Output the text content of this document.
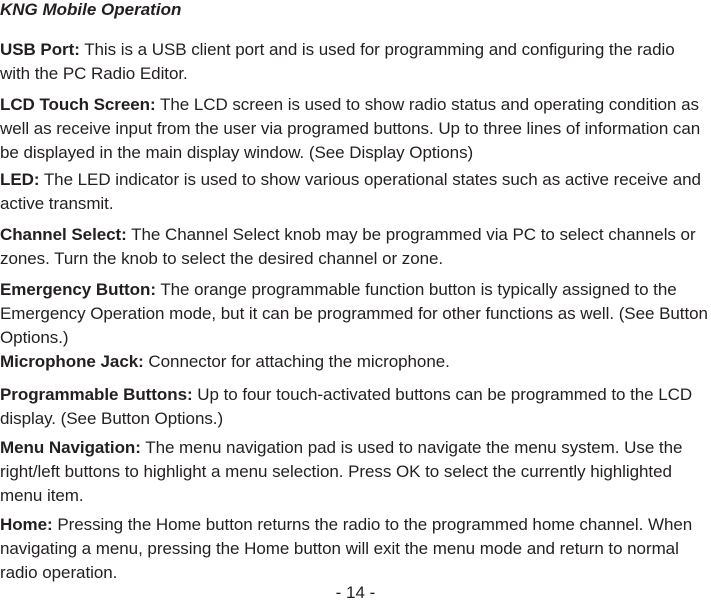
KNG Mobile Operation
USB Port: This is a USB client port and is used for programming and configuring the radio with the PC Radio Editor.
LCD Touch Screen: The LCD screen is used to show radio status and operating condition as well as receive input from the user via programed buttons. Up to three lines of information can be displayed in the main display window. (See Display Options)
LED: The LED indicator is used to show various operational states such as active receive and active transmit.
Channel Select: The Channel Select knob may be programmed via PC to select channels or zones. Turn the knob to select the desired channel or zone.
Emergency Button: The orange programmable function button is typically assigned to the Emergency Operation mode, but it can be programmed for other functions as well. (See Button Options.)
Microphone Jack: Connector for attaching the microphone.
Programmable Buttons: Up to four touch-activated buttons can be programmed to the LCD display. (See Button Options.)
Menu Navigation: The menu navigation pad is used to navigate the menu system. Use the right/left buttons to highlight a menu selection. Press OK to select the currently highlighted menu item.
Home: Pressing the Home button returns the radio to the programmed home channel. When navigating a menu, pressing the Home button will exit the menu mode and return to normal radio operation.
- 14 -
